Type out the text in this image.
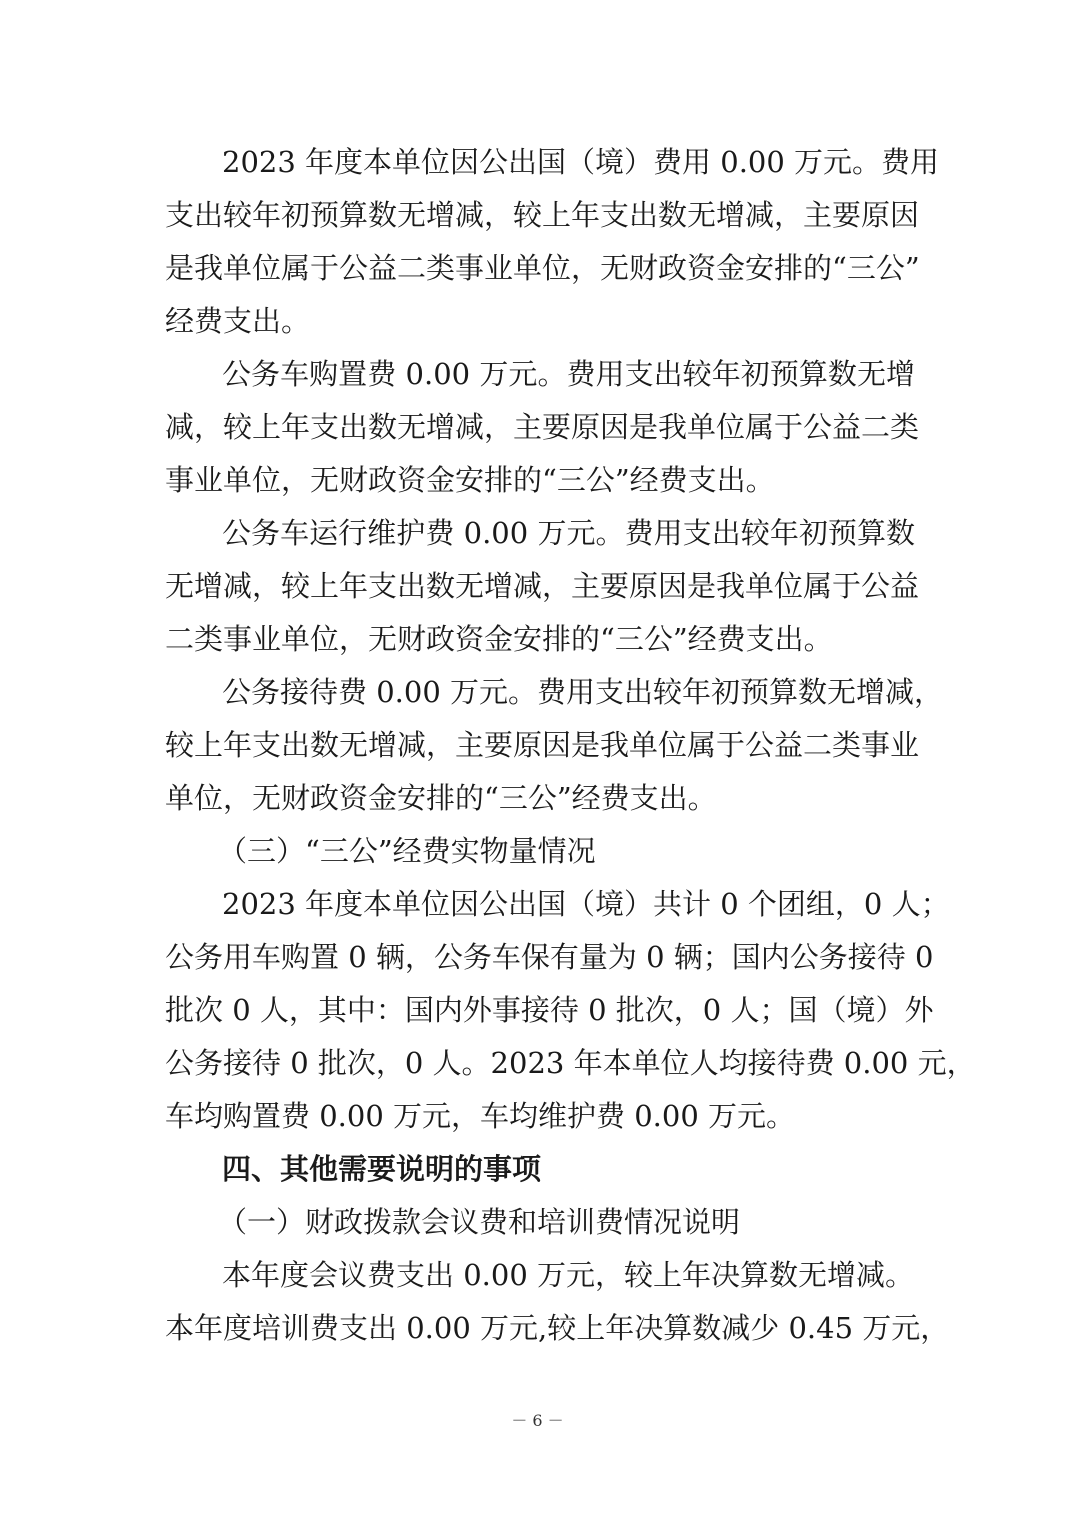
2023 年度本单位因公出国（境）费用 0.00 万元。费用
支出较年初预算数无增减，较上年支出数无增减，主要原因
是我单位属于公益二类事业单位，无财政资金安排的“三公”
经费支出。
公务车购置费 0.00 万元。费用支出较年初预算数无增
减，较上年支出数无增减，主要原因是我单位属于公益二类
事业单位，无财政资金安排的“三公”经费支出。
公务车运行维护费 0.00 万元。费用支出较年初预算数
无增减，较上年支出数无增减，主要原因是我单位属于公益
二类事业单位，无财政资金安排的“三公”经费支出。
公务接待费 0.00 万元。费用支出较年初预算数无增减，
较上年支出数无增减，主要原因是我单位属于公益二类事业
单位，无财政资金安排的“三公”经费支出。
（三）“三公”经费实物量情况
2023 年度本单位因公出国（境）共计 0 个团组，0 人；
公务用车购置 0 辆，公务车保有量为 0 辆；国内公务接待 0
批次 0 人，其中：国内外事接待 0 批次，0 人；国（境）外
公务接待 0 批次，0 人。2023 年本单位人均接待费 0.00 元，
车均购置费 0.00 万元，车均维护费 0.00 万元。
四、其他需要说明的事项
（一）财政拨款会议费和培训费情况说明
本年度会议费支出 0.00 万元，较上年决算数无增减。
本年度培训费支出 0.00 万元,较上年决算数减少 0.45 万元，
－ 6 －
